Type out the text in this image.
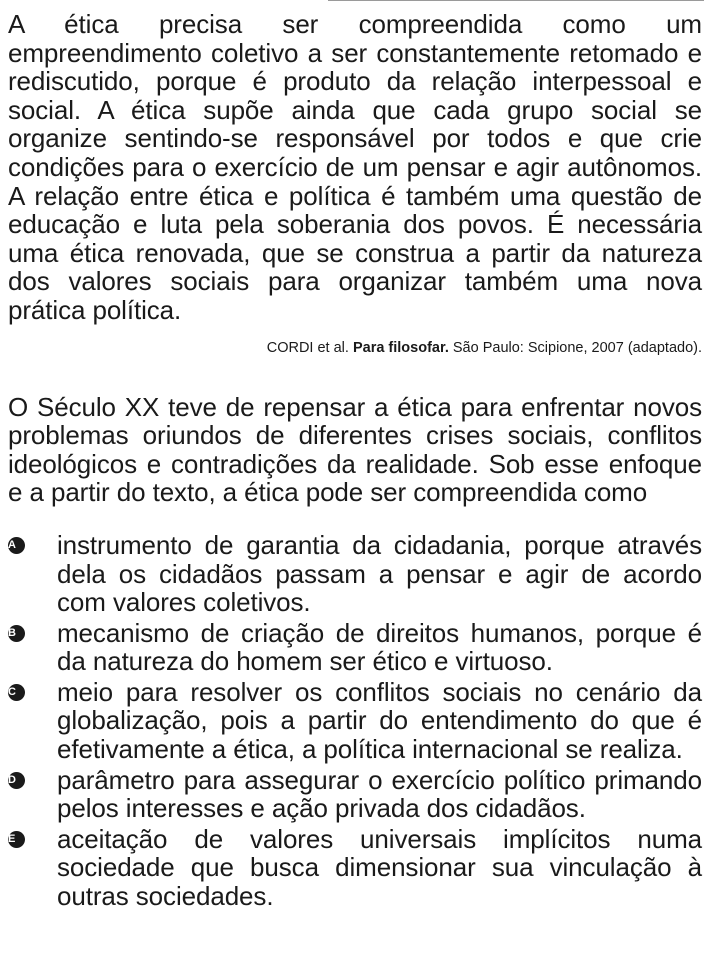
A ética precisa ser compreendida como um empreendimento coletivo a ser constantemente retomado e rediscutido, porque é produto da relação interpessoal e social. A ética supõe ainda que cada grupo social se organize sentindo-se responsável por todos e que crie condições para o exercício de um pensar e agir autônomos. A relação entre ética e política é também uma questão de educação e luta pela soberania dos povos. É necessária uma ética renovada, que se construa a partir da natureza dos valores sociais para organizar também uma nova prática política.

CORDI et al. Para filosofar. São Paulo: Scipione, 2007 (adaptado).

O Século XX teve de repensar a ética para enfrentar novos problemas oriundos de diferentes crises sociais, conflitos ideológicos e contradições da realidade. Sob esse enfoque e a partir do texto, a ética pode ser compreendida como

A	instrumento de garantia da cidadania, porque através dela os cidadãos passam a pensar e agir de acordo com valores coletivos.
B	mecanismo de criação de direitos humanos, porque é da natureza do homem ser ético e virtuoso.
C	meio para resolver os conflitos sociais no cenário da globalização, pois a partir do entendimento do que é efetivamente a ética, a política internacional se realiza.
D	parâmetro para assegurar o exercício político primando pelos interesses e ação privada dos cidadãos.
E	aceitação de valores universais implícitos numa sociedade que busca dimensionar sua vinculação à outras sociedades.
